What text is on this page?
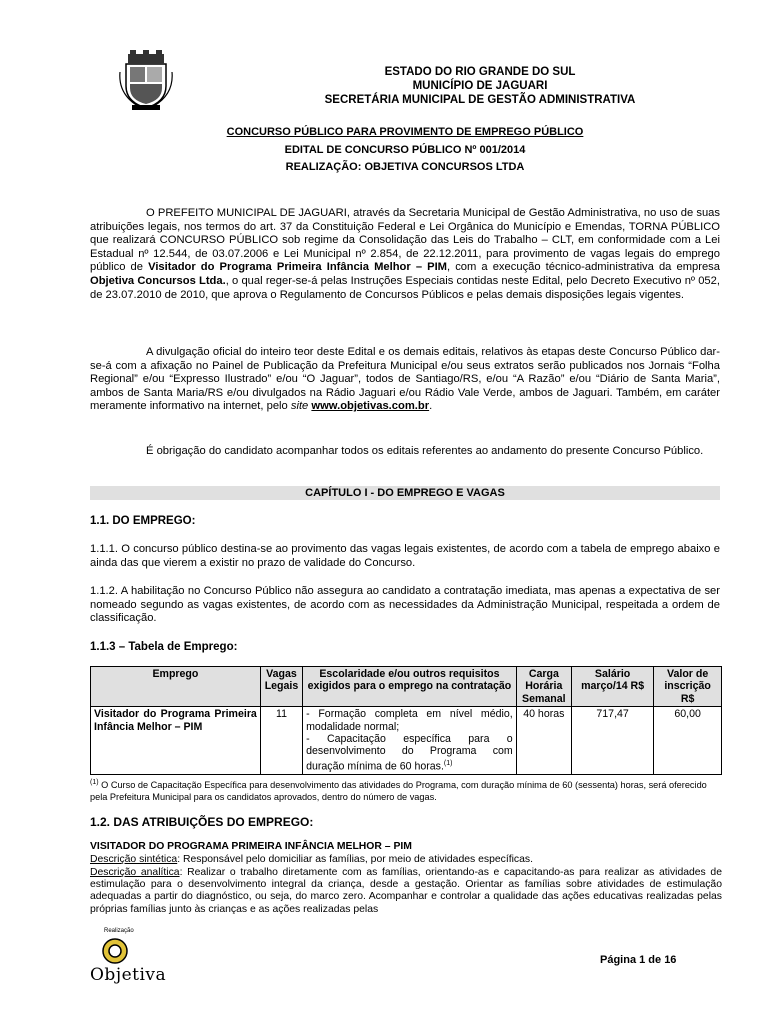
ESTADO DO RIO GRANDE DO SUL
MUNICÍPIO DE JAGUARI
SECRETÁRIA MUNICIPAL DE GESTÃO ADMINISTRATIVA
CONCURSO PÚBLICO PARA PROVIMENTO DE EMPREGO PÚBLICO
EDITAL DE CONCURSO PÚBLICO Nº 001/2014
REALIZAÇÃO: OBJETIVA CONCURSOS LTDA
O PREFEITO MUNICIPAL DE JAGUARI, através da Secretaria Municipal de Gestão Administrativa, no uso de suas atribuições legais, nos termos do art. 37 da Constituição Federal e Lei Orgânica do Município e Emendas, TORNA PÚBLICO que realizará CONCURSO PÚBLICO sob regime da Consolidação das Leis do Trabalho – CLT, em conformidade com a Lei Estadual nº 12.544, de 03.07.2006 e Lei Municipal nº 2.854, de 22.12.2011, para provimento de vagas legais do emprego público de Visitador do Programa Primeira Infância Melhor – PIM, com a execução técnico-administrativa da empresa Objetiva Concursos Ltda., o qual reger-se-á pelas Instruções Especiais contidas neste Edital, pelo Decreto Executivo nº 052, de 23.07.2010 de 2010, que aprova o Regulamento de Concursos Públicos e pelas demais disposições legais vigentes.
A divulgação oficial do inteiro teor deste Edital e os demais editais, relativos às etapas deste Concurso Público dar-se-á com a afixação no Painel de Publicação da Prefeitura Municipal e/ou seus extratos serão publicados nos Jornais “Folha Regional” e/ou “Expresso Ilustrado” e/ou “O Jaguar”, todos de Santiago/RS, e/ou “A Razão” e/ou “Diário de Santa Maria”, ambos de Santa Maria/RS e/ou divulgados na Rádio Jaguari e/ou Rádio Vale Verde, ambos de Jaguari. Também, em caráter meramente informativo na internet, pelo site www.objetivas.com.br.
É obrigação do candidato acompanhar todos os editais referentes ao andamento do presente Concurso Público.
CAPÍTULO I - DO EMPREGO E VAGAS
1.1. DO EMPREGO:
1.1.1. O concurso público destina-se ao provimento das vagas legais existentes, de acordo com a tabela de emprego abaixo e ainda das que vierem a existir no prazo de validade do Concurso.
1.1.2. A habilitação no Concurso Público não assegura ao candidato a contratação imediata, mas apenas a expectativa de ser nomeado segundo as vagas existentes, de acordo com as necessidades da Administração Municipal, respeitada a ordem de classificação.
1.1.3 – Tabela de Emprego:
Emprego	Vagas Legais	Escolaridade e/ou outros requisitos exigidos para o emprego na contratação	Carga Horária Semanal	Salário março/14 R$	Valor de inscrição R$
Visitador do Programa Primeira Infância Melhor – PIM	11	- Formação completa em nível médio, modalidade normal;
- Capacitação específica para o desenvolvimento do Programa com duração mínima de 60 horas.$^{(1)}$	40 horas	717,47	60,00
$^{(1)}$ O Curso de Capacitação Específica para desenvolvimento das atividades do Programa, com duração mínima de 60 (sessenta) horas, será oferecido pela Prefeitura Municipal para os candidatos aprovados, dentro do número de vagas.
1.2. DAS ATRIBUIÇÕES DO EMPREGO:
VISITADOR DO PROGRAMA PRIMEIRA INFÂNCIA MELHOR – PIM
Descrição sintética: Responsável pelo domiciliar as famílias, por meio de atividades específicas.
Descrição analítica: Realizar o trabalho diretamente com as famílias, orientando-as e capacitando-as para realizar as atividades de estimulação para o desenvolvimento integral da criança, desde a gestação. Orientar as famílias sobre atividades de estimulação adequadas a partir do diagnóstico, ou seja, do marco zero. Acompanhar e controlar a qualidade das ações educativas realizadas pelas próprias famílias junto às crianças e as ações realizadas pelas
Realização
Objetiva
Página 1 de 16
